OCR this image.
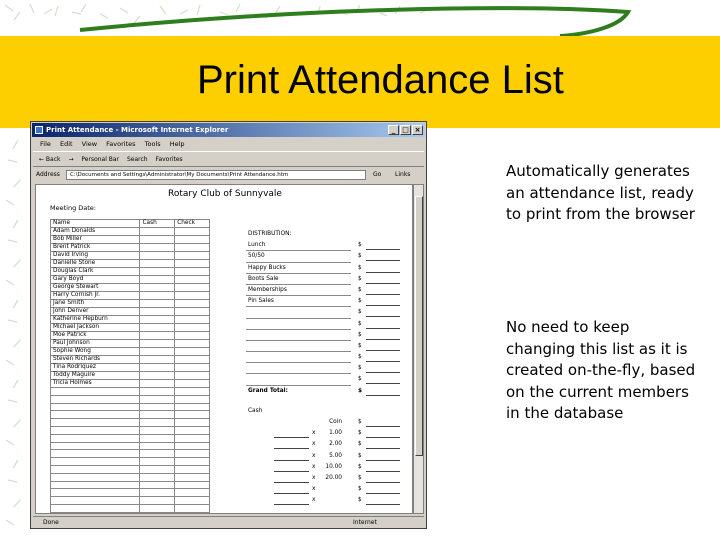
Print Attendance List
Print Attendance - Microsoft Internet Explorer	_ □ ×
File Edit View Favorites Tools Help
← Back → Personal Bar Search Favorites
Address	C:\Documents and Settings\Administrator\My Documents\Print Attendance.htm	Go Links
Rotary Club of Sunnyvale
Meeting Date:
Name	Cash	Check
Adam Donalds		
Bob Miller		
Brent Patrick		
David Irving		
Danielle Stone		
Douglas Clark		
Gary Boyd		
George Stewart		
Harry Cornish Jr.		
Jane Smith		
John Denver		
Katherine Hepburn		
Michael Jackson		
Moe Patrick		
Paul Johnson		
Sophie Wong		
Steven Richards		
Tina Rodriquez		
Toddy Maguire		
Tricia Holmes		

DISTRIBUTION:
Lunch	$
50/50	$
Happy Bucks	$
Boots Sale	$
Memberships	$
Pin Sales	$
$
$
$
$
$
$
$
Grand Total:	$
Cash
Coin	$
x	1.00	$
x	2.00	$
x	5.00	$
x	10.00	$
x	20.00	$
x	$
x	$
Done	Internet
Automatically generates an attendance list, ready to print from the browser
No need to keep changing this list as it is created on-the-fly, based on the current members in the database
